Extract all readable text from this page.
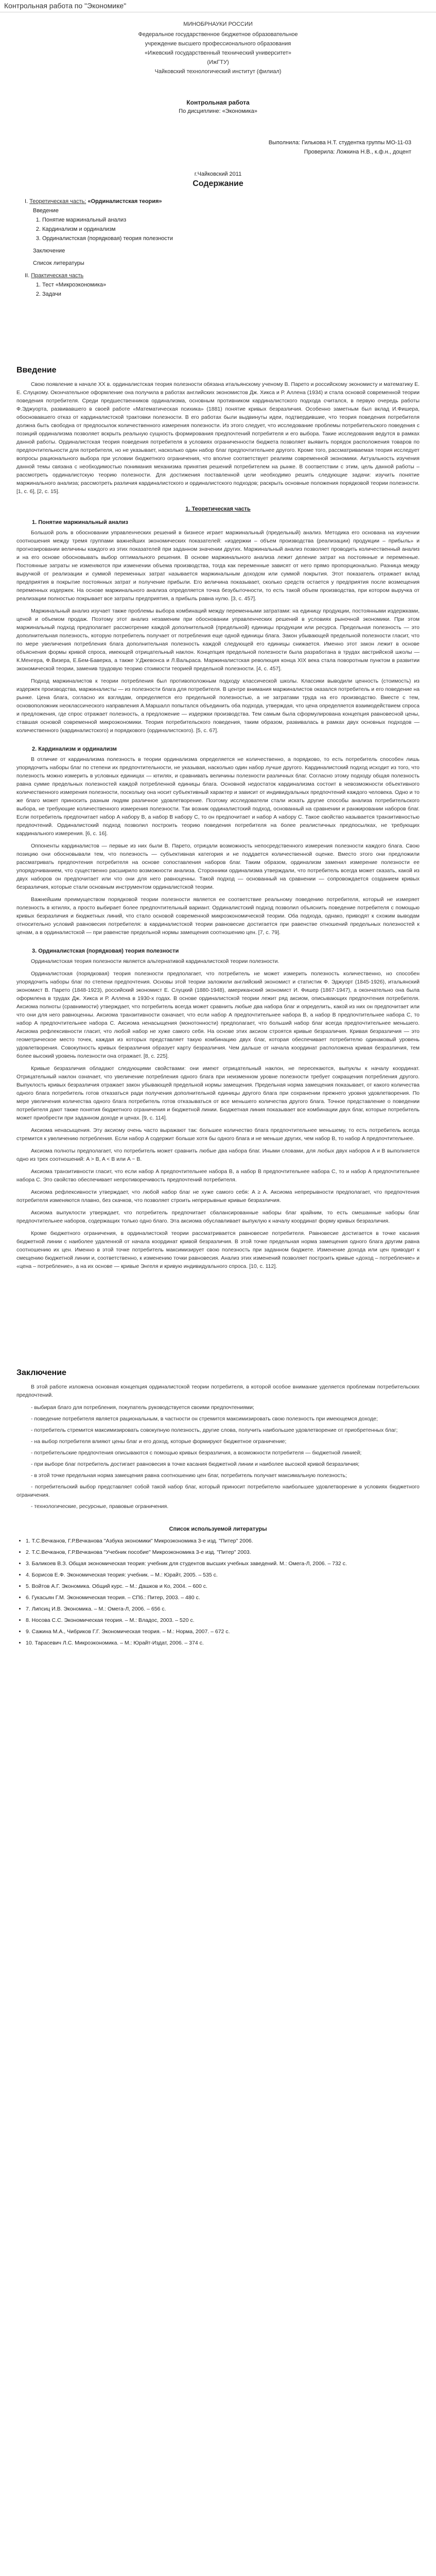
Контрольная работа по "Экономике"

МИНОБРНАУКИ РОССИИ

Федеральное государственное бюджетное образовательное

учреждение высшего профессионального образования

«Ижевский государственный технический университет»

(ИжГТУ)

Чайковский технологический институт (филиал)

Контрольная работа
По дисциплине: «Экономика»
Выполнила: Гилькова Н.Т. студентка группы МО-11-03
Проверила: Ложкина Н.В., к.ф.н., доцент
г.Чайковский 2011
Содержание
I. Теоретическая часть: «Ординалистская теория»
Введение
1. Понятие маржинальный анализ
2. Кардинализм и ординализм
3. Ординалистская (порядковая) теория полезности
Заключение
Список литературы
II. Практическая часть
1. Тест «Микроэкономика»
2. Задачи
Введение

Свою появление в начале XX в. ординалистская теория полезности обязана итальянскому ученому В. Парето и российскому экономисту и математику Е. Е. Слуцкому. Окончательное оформление она получила в работах английских экономистов Дж. Хикса и Р. Аллена (1934) и стала основой современной теории поведения потребителя. Среди предшественников ординализма, основным противником кардиналистского подхода считался, в первую очередь работы Ф.Эджуорта, развивавшего в своей работе «Математическая психика» (1881) понятие кривых безразличия. Особенно заметным был вклад И.Фишера, обосновавшего отказ от кардиналистской трактовки полезности. В его работах были выдвинуты идеи, подтвердившие, что теория поведения потребителя должна быть свободна от предпосылок количественного измерения полезности. Из этого следует, что исследование проблемы потребительского поведения с позиций ординализма позволяет вскрыть реальную сущность формирования предпочтений потребителя и его выбора. Такие исследования ведутся в рамках данной работы. Ординалистская теория поведения потребителя в условиях ограниченности бюджета позволяет выявить порядок расположения товаров по предпочтительности для потребителя, но не указывает, насколько один набор благ предпочтительнее другого. Кроме того, рассматриваемая теория исследует вопросы рационального выбора при условии бюджетного ограничения, что вполне соответствует реалиям современной экономики. Актуальность изучения данной темы связана с необходимостью понимания механизма принятия решений потребителем на рынке. В соответствии с этим, цель данной работы – рассмотреть ординалистскую теорию полезности. Для достижения поставленной цели необходимо решить следующие задачи: изучить понятие маржинального анализа; рассмотреть различия кардиналистского и ординалистского подходов; раскрыть основные положения порядковой теории полезности. [1, с. 6], [2, с. 15].

1. Теоретическая часть

1. Понятие маржинальный анализ

Большой роль в обосновании управленческих решений в бизнесе играет маржинальный (предельный) анализ. Методика его основана на изучении соотношения между тремя группами важнейших экономических показателей: «издержки – объем производства (реализации) продукции – прибыль» и прогнозировании величины каждого из этих показателей при заданном значении других. Маржинальный анализ позволяет проводить количественный анализ и на его основе обосновывать выбор оптимального решения. В основе маржинального анализа лежит деление затрат на постоянные и переменные. Постоянные затраты не изменяются при изменении объема производства, тогда как переменные зависят от него прямо пропорционально. Разница между выручкой от реализации и суммой переменных затрат называется маржинальным доходом или суммой покрытия. Этот показатель отражает вклад предприятия в покрытие постоянных затрат и получение прибыли. Его величина показывает, сколько средств остается у предприятия после возмещения переменных издержек. На основе маржинального анализа определяется точка безубыточности, то есть такой объем производства, при котором выручка от реализации полностью покрывает все затраты предприятия, а прибыль равна нулю. [3, с. 457].

Маржинальный анализ изучает также проблемы выбора комбинаций между переменными затратами: на единицу продукции, постоянными издержками, ценой и объемом продаж. Поэтому этот анализ незаменим при обосновании управленческих решений в условиях рыночной экономики. При этом маржинальный подход предполагает рассмотрение каждой дополнительной (предельной) единицы продукции или ресурса. Предельная полезность — это дополнительная полезность, которую потребитель получает от потребления еще одной единицы блага. Закон убывающей предельной полезности гласит, что по мере увеличения потребления блага дополнительная полезность каждой следующей его единицы снижается. Именно этот закон лежит в основе объяснения формы кривой спроса, имеющей отрицательный наклон. Концепция предельной полезности была разработана в трудах австрийской школы — К.Менгера, Ф.Визера, Е.Бем-Баверка, а также У.Джевонса и Л.Вальраса. Маржиналистская революция конца XIX века стала поворотным пунктом в развитии экономической теории, заменив трудовую теорию стоимости теорией предельной полезности. [4, с. 457].

Подход маржиналистов к теории потребления был противоположным подходу классической школы. Классики выводили ценность (стоимость) из издержек производства, маржиналисты — из полезности блага для потребителя. В центре внимания маржиналистов оказался потребитель и его поведение на рынке. Цена блага, согласно их взглядам, определяется его предельной полезностью, а не затратами труда на его производство. Вместе с тем, основоположник неоклассического направления А.Маршалл попытался объединить оба подхода, утверждая, что цена определяется взаимодействием спроса и предложения, где спрос отражает полезность, а предложение — издержки производства. Тем самым была сформулирована концепция равновесной цены, ставшая основой современной микроэкономики. Теория потребительского поведения, таким образом, развивалась в рамках двух основных подходов — количественного (кардиналистского) и порядкового (ординалистского). [5, с. 67].

2. Кардинализм и ординализм

В отличие от кардинализма полезность в теории ординализма определяется не количественно, а порядково, то есть потребитель способен лишь упорядочить наборы благ по степени их предпочтительности, не указывая, насколько один набор лучше другого. Кардиналистский подход исходит из того, что полезность можно измерить в условных единицах — ютилях, и сравнивать величины полезности различных благ. Согласно этому подходу общая полезность равна сумме предельных полезностей каждой потребленной единицы блага. Основной недостаток кардинализма состоит в невозможности объективного количественного измерения полезности, поскольку она носит субъективный характер и зависит от индивидуальных предпочтений каждого человека. Одно и то же благо может приносить разным людям различное удовлетворение. Поэтому исследователи стали искать другие способы анализа потребительского выбора, не требующие количественного измерения полезности. Так возник ординалистский подход, основанный на сравнении и ранжировании наборов благ. Если потребитель предпочитает набор А набору В, а набор В набору С, то он предпочитает и набор А набору С. Такое свойство называется транзитивностью предпочтений. Ординалистский подход позволил построить теорию поведения потребителя на более реалистичных предпосылках, не требующих кардинального измерения. [6, с. 16].

Оппоненты кардиналистов — первые из них были В. Парето, отрицали возможность непосредственного измерения полезности каждого блага. Свою позицию они обосновывали тем, что полезность — субъективная категория и не поддается количественной оценке. Вместо этого они предложили рассматривать предпочтения потребителя на основе сопоставления наборов благ. Таким образом, ординализм заменил измерение полезности ее упорядочиванием, что существенно расширило возможности анализа. Сторонники ординализма утверждали, что потребитель всегда может сказать, какой из двух наборов он предпочитает или что они для него равноценны. Такой подход — основанный на сравнении — сопровождается созданием кривых безразличия, которые стали основным инструментом ординалистской теории.

Важнейшим преимуществом порядковой теории полезности является ее соответствие реальному поведению потребителя, который не измеряет полезность в ютилях, а просто выбирает более предпочтительный вариант. Ординалистский подход позволил объяснить поведение потребителя с помощью кривых безразличия и бюджетных линий, что стало основой современной микроэкономической теории. Оба подхода, однако, приводят к схожим выводам относительно условий равновесия потребителя: в кардиналистской теории равновесие достигается при равенстве отношений предельных полезностей к ценам, а в ординалистской — при равенстве предельной нормы замещения соотношению цен. [7, с. 79].

3. Ординалистская (порядковая) теория полезности

Ординалистская теория полезности является альтернативой кардиналистской теории полезности.

Ординалистская (порядковая) теория полезности предполагает, что потребитель не может измерить полезность количественно, но способен упорядочить наборы благ по степени предпочтения. Основы этой теории заложили английский экономист и статистик Ф. Эджуорт (1845-1926), итальянский экономист В. Парето (1848-1923), российский экономист Е. Слуцкий (1880-1948), американский экономист И. Фишер (1867-1947), а окончательно она была оформлена в трудах Дж. Хикса и Р. Аллена в 1930-х годах. В основе ординалистской теории лежит ряд аксиом, описывающих предпочтения потребителя. Аксиома полноты (сравнимости) утверждает, что потребитель всегда может сравнить любые два набора благ и определить, какой из них он предпочитает или что они для него равноценны. Аксиома транзитивности означает, что если набор А предпочтительнее набора В, а набор В предпочтительнее набора С, то набор А предпочтительнее набора С. Аксиома ненасыщения (монотонности) предполагает, что больший набор благ всегда предпочтительнее меньшего. Аксиома рефлексивности гласит, что любой набор не хуже самого себя. На основе этих аксиом строятся кривые безразличия. Кривая безразличия — это геометрическое место точек, каждая из которых представляет такую комбинацию двух благ, которая обеспечивает потребителю одинаковый уровень удовлетворения. Совокупность кривых безразличия образует карту безразличия. Чем дальше от начала координат расположена кривая безразличия, тем более высокий уровень полезности она отражает. [8, с. 225].

Кривые безразличия обладают следующими свойствами: они имеют отрицательный наклон, не пересекаются, выпуклы к началу координат. Отрицательный наклон означает, что увеличение потребления одного блага при неизменном уровне полезности требует сокращения потребления другого. Выпуклость кривых безразличия отражает закон убывающей предельной нормы замещения. Предельная норма замещения показывает, от какого количества одного блага потребитель готов отказаться ради получения дополнительной единицы другого блага при сохранении прежнего уровня удовлетворения. По мере увеличения количества одного блага потребитель готов отказываться от все меньшего количества другого блага. Точное представление о поведении потребителя дают также понятия бюджетного ограничения и бюджетной линии. Бюджетная линия показывает все комбинации двух благ, которые потребитель может приобрести при заданном доходе и ценах. [9, с. 114].

Аксиома ненасыщения. Эту аксиому очень часто выражают так: большее количество блага предпочтительнее меньшему, то есть потребитель всегда стремится к увеличению потребления. Если набор A содержит больше хотя бы одного блага и не меньше других, чем набор B, то набор A предпочтительнее.

Аксиома полноты предполагает, что потребитель может сравнить любые два набора благ. Иными словами, для любых двух наборов A и B выполняется одно из трех соотношений: A > B, A < B или A ~ B.

Аксиома транзитивности гласит, что если набор A предпочтительнее набора B, а набор B предпочтительнее набора C, то и набор A предпочтительнее набора C. Это свойство обеспечивает непротиворечивость предпочтений потребителя.

Аксиома рефлексивности утверждает, что любой набор благ не хуже самого себя: A ≥ A. Аксиома непрерывности предполагает, что предпочтения потребителя изменяются плавно, без скачков, что позволяет строить непрерывные кривые безразличия.

Аксиома выпуклости утверждает, что потребитель предпочитает сбалансированные наборы благ крайним, то есть смешанные наборы благ предпочтительнее наборов, содержащих только одно благо. Эта аксиома обуславливает выпуклую к началу координат форму кривых безразличия.

Кроме бюджетного ограничения, в ординалистской теории рассматривается равновесие потребителя. Равновесие достигается в точке касания бюджетной линии с наиболее удаленной от начала координат кривой безразличия. В этой точке предельная норма замещения одного блага другим равна соотношению их цен. Именно в этой точке потребитель максимизирует свою полезность при заданном бюджете. Изменение дохода или цен приводит к смещению бюджетной линии и, соответственно, к изменению точки равновесия. Анализ этих изменений позволяет построить кривые «доход – потребление» и «цена – потребление», а на их основе — кривые Энгеля и кривую индивидуального спроса. [10, с. 112].

Заключение

В этой работе изложена основная концепция ординалистской теории потребителя, в которой особое внимание уделяется проблемам потребительских предпочтений.

- выбирая благо для потребления, покупатель руководствуется своими предпочтениями;

- поведение потребителя является рациональным, в частности он стремится максимизировать свою полезность при имеющемся доходе;

- потребитель стремится максимизировать совокупную полезность, другие слова, получить наибольшее удовлетворение от приобретенных благ;

- на выбор потребителя влияют цены благ и его доход, которые формируют бюджетное ограничение;

- потребительские предпочтения описываются с помощью кривых безразличия, а возможности потребителя — бюджетной линией;

- при выборе благ потребитель достигает равновесия в точке касания бюджетной линии и наиболее высокой кривой безразличия;

- в этой точке предельная норма замещения равна соотношению цен благ, потребитель получает максимальную полезность;

- потребительский выбор представляет собой такой набор благ, который приносит потребителю наибольшее удовлетворение в условиях бюджетного ограничения.

- технологические, ресурсные, правовые ограничения.

Список используемой литературы

• 1. Т.С.Вечканов, Г.Р.Вечканова "Азбука экономики" Микроэкономика 3-е изд. "Питер" 2006.
• 2. Т.С.Вечканов, Г.Р.Вечканова "Учебник пособие" Микроэкономика 3-е изд. "Питер" 2003.
• 3. Баликоев В.З. Общая экономическая теория: учебник для студентов высших учебных заведений. М.: Омега-Л, 2006. – 732 с.
• 4. Борисов Е.Ф. Экономическая теория: учебник. – М.: Юрайт, 2005. – 535 с.
• 5. Войтов А.Г. Экономика. Общий курс. – М.: Дашков и Ко, 2004. – 600 с.
• 6. Гукасьян Г.М. Экономическая теория. – СПб.: Питер, 2003. – 480 с.
• 7. Липсиц И.В. Экономика. – М.: Омега-Л, 2006. – 656 с.
• 8. Носова С.С. Экономическая теория. – М.: Владос, 2003. – 520 с.
• 9. Сажина М.А., Чибриков Г.Г. Экономическая теория. – М.: Норма, 2007. – 672 с.
• 10. Тарасевич Л.С. Микроэкономика. – М.: Юрайт-Издат, 2006. – 374 с.
